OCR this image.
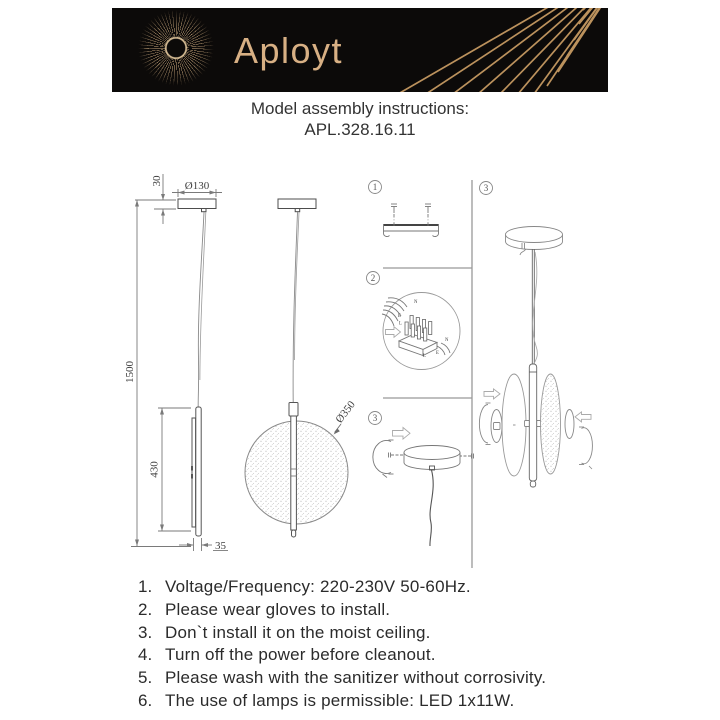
Aployt
Model assembly instructions:
APL.328.16.11
1500
30 Ø130
430
35
Ø350
1
2
N
E
L
N
L
E
3
3
1. Voltage/Frequency: 220-230V 50-60Hz.
2. Please wear gloves to install.
3. Don`t install it on the moist ceiling.
4. Turn off the power before cleanout.
5. Please wash with the sanitizer without corrosivity.
6. The use of lamps is permissible: LED 1x11W.
